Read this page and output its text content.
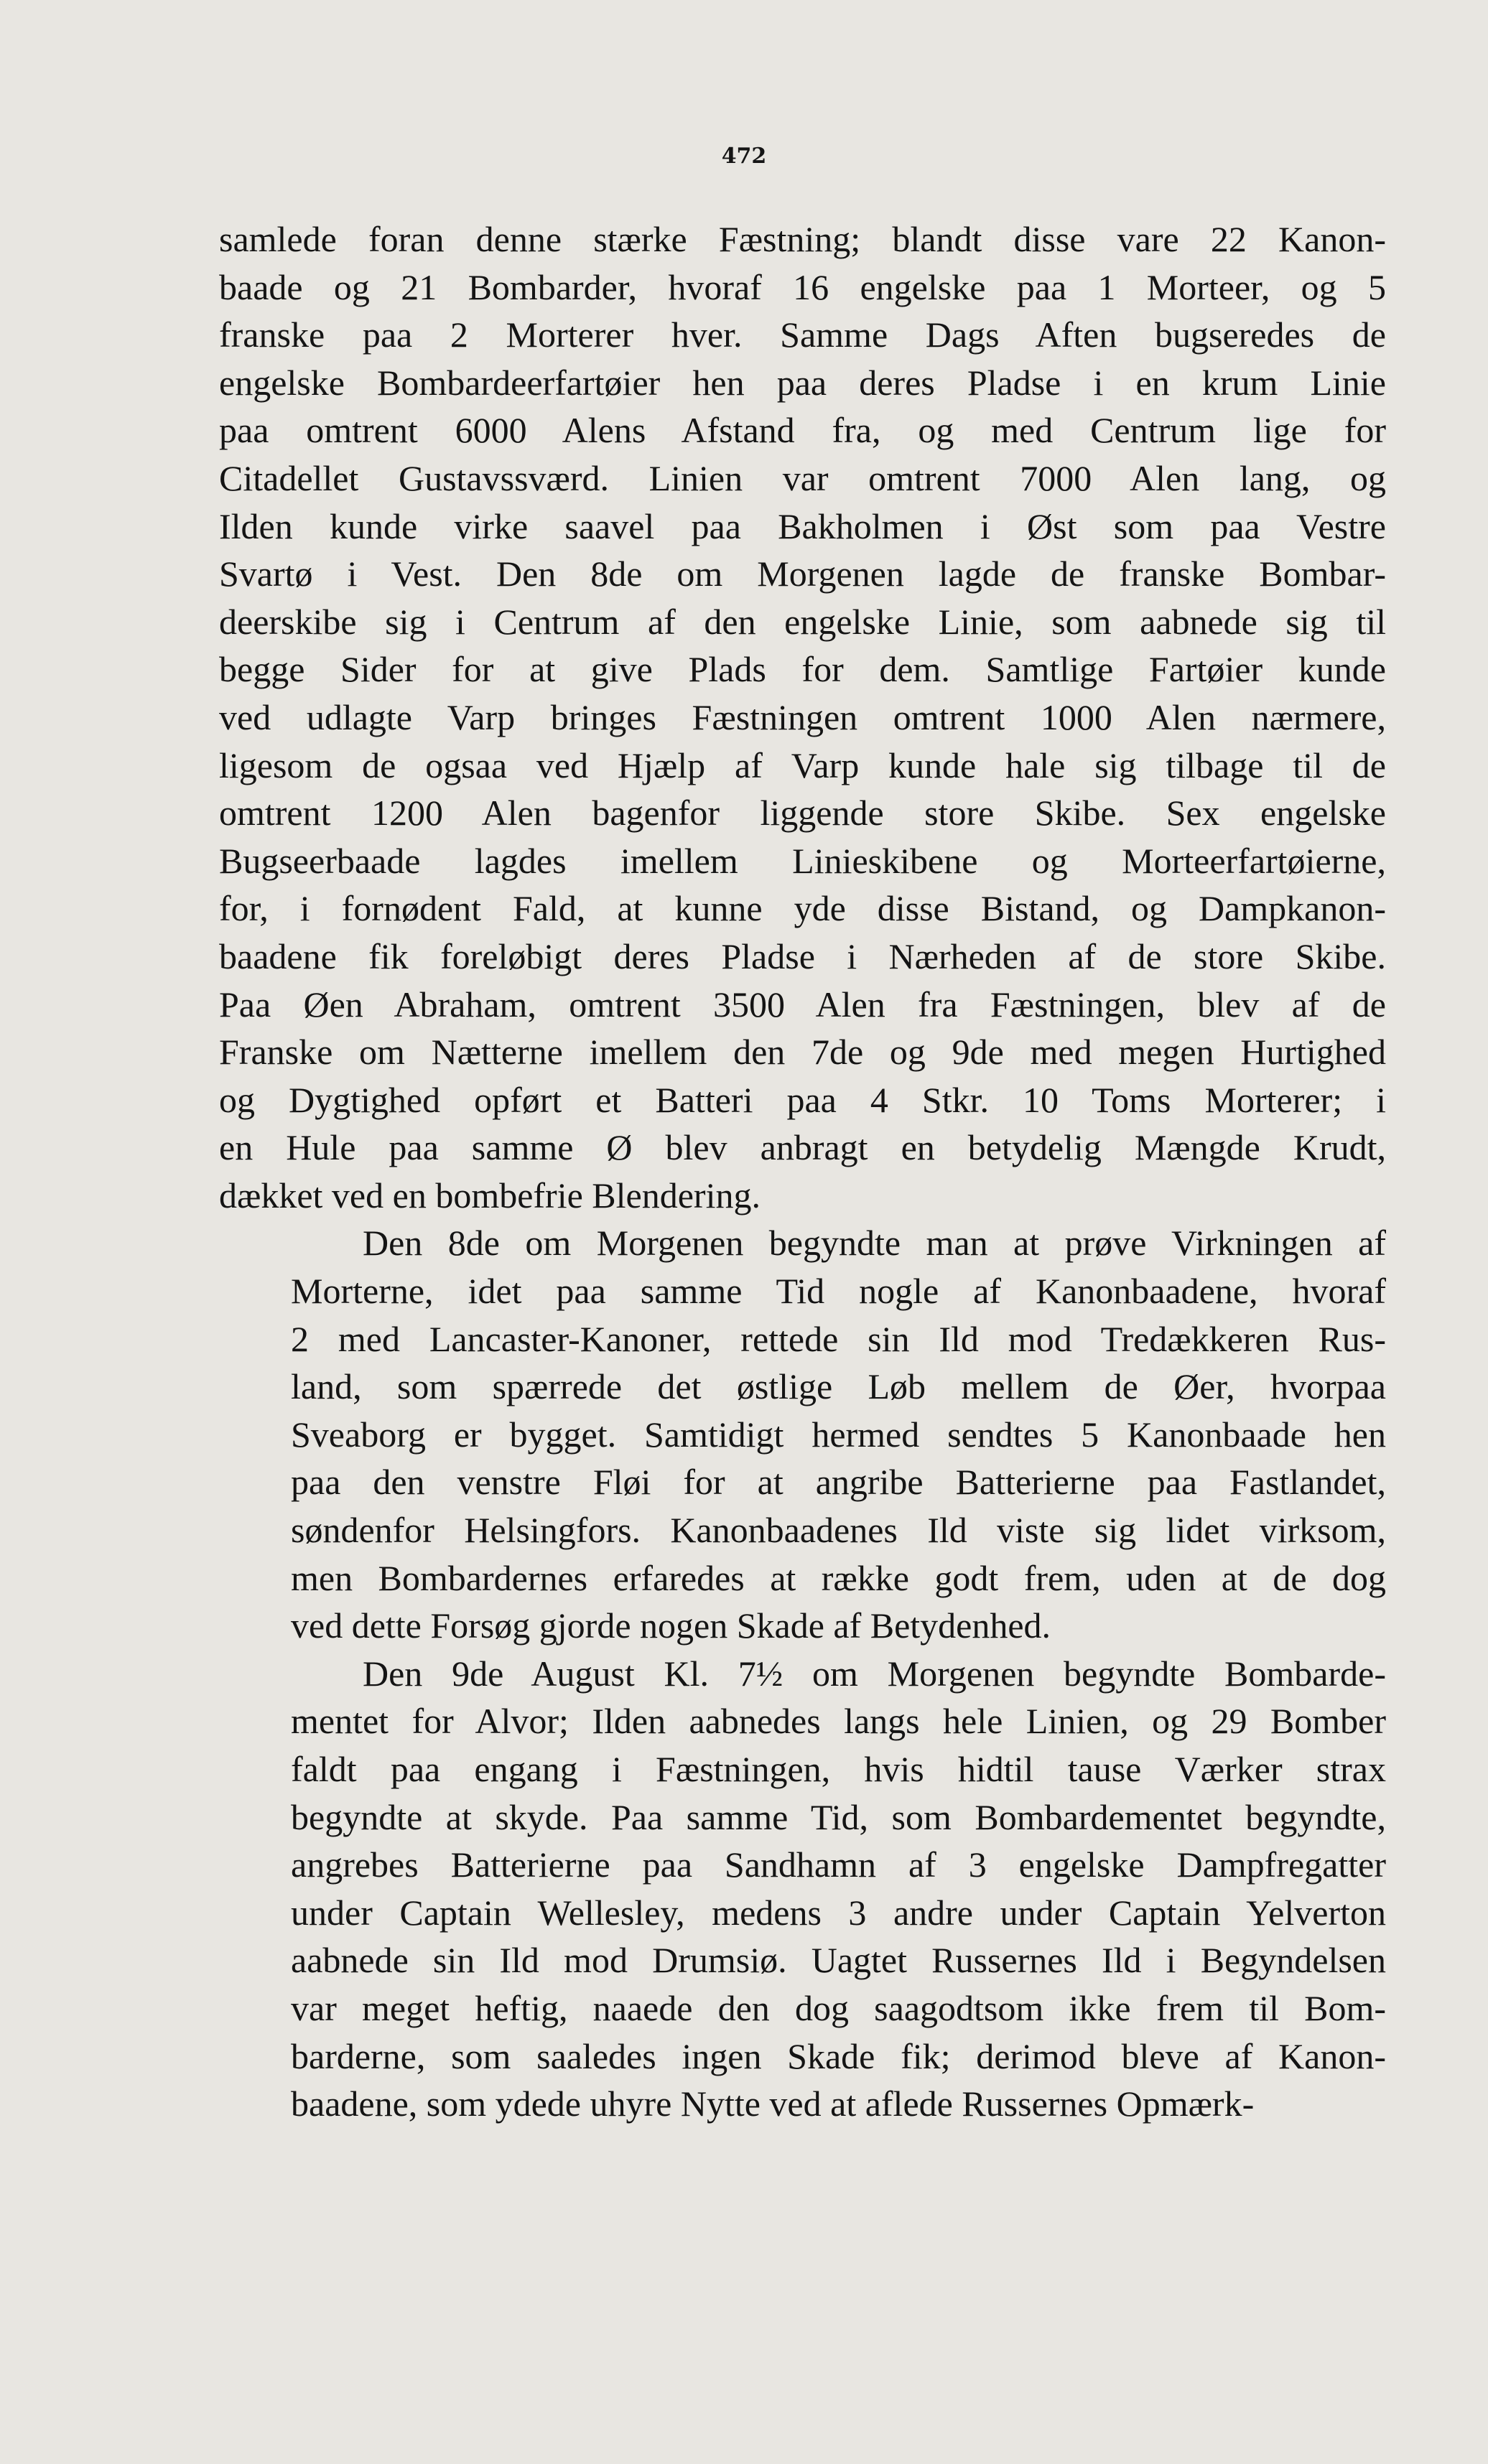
472
samlede foran denne stærke Fæstning; blandt disse vare 22 Kanon-
baade og 21 Bombarder, hvoraf 16 engelske paa 1 Morteer, og 5
franske paa 2 Morterer hver. Samme Dags Aften bugseredes de
engelske Bombardeerfartøier hen paa deres Pladse i en krum Linie
paa omtrent 6000 Alens Afstand fra, og med Centrum lige for
Citadellet Gustavssværd. Linien var omtrent 7000 Alen lang, og
Ilden kunde virke saavel paa Bakholmen i Øst som paa Vestre
Svartø i Vest. Den 8de om Morgenen lagde de franske Bombar-
deerskibe sig i Centrum af den engelske Linie, som aabnede sig til
begge Sider for at give Plads for dem. Samtlige Fartøier kunde
ved udlagte Varp bringes Fæstningen omtrent 1000 Alen nærmere,
ligesom de ogsaa ved Hjælp af Varp kunde hale sig tilbage til de
omtrent 1200 Alen bagenfor liggende store Skibe. Sex engelske
Bugseerbaade lagdes imellem Linieskibene og Morteerfartøierne,
for, i fornødent Fald, at kunne yde disse Bistand, og Dampkanon-
baadene fik foreløbigt deres Pladse i Nærheden af de store Skibe.
Paa Øen Abraham, omtrent 3500 Alen fra Fæstningen, blev af de
Franske om Nætterne imellem den 7de og 9de med megen Hurtighed
og Dygtighed opført et Batteri paa 4 Stkr. 10 Toms Morterer; i
en Hule paa samme Ø blev anbragt en betydelig Mængde Krudt,
dækket ved en bombefrie Blendering.
Den 8de om Morgenen begyndte man at prøve Virkningen af
Morterne, idet paa samme Tid nogle af Kanonbaadene, hvoraf
2 med Lancaster-Kanoner, rettede sin Ild mod Tredækkeren Rus-
land, som spærrede det østlige Løb mellem de Øer, hvorpaa
Sveaborg er bygget. Samtidigt hermed sendtes 5 Kanonbaade hen
paa den venstre Fløi for at angribe Batterierne paa Fastlandet,
søndenfor Helsingfors. Kanonbaadenes Ild viste sig lidet virksom,
men Bombardernes erfaredes at række godt frem, uden at de dog
ved dette Forsøg gjorde nogen Skade af Betydenhed.
Den 9de August Kl. 7½ om Morgenen begyndte Bombarde-
mentet for Alvor; Ilden aabnedes langs hele Linien, og 29 Bomber
faldt paa engang i Fæstningen, hvis hidtil tause Værker strax
begyndte at skyde. Paa samme Tid, som Bombardementet begyndte,
angrebes Batterierne paa Sandhamn af 3 engelske Dampfregatter
under Captain Wellesley, medens 3 andre under Captain Yelverton
aabnede sin Ild mod Drumsiø. Uagtet Russernes Ild i Begyndelsen
var meget heftig, naaede den dog saagodtsom ikke frem til Bom-
barderne, som saaledes ingen Skade fik; derimod bleve af Kanon-
baadene, som ydede uhyre Nytte ved at aflede Russernes Opmærk-
